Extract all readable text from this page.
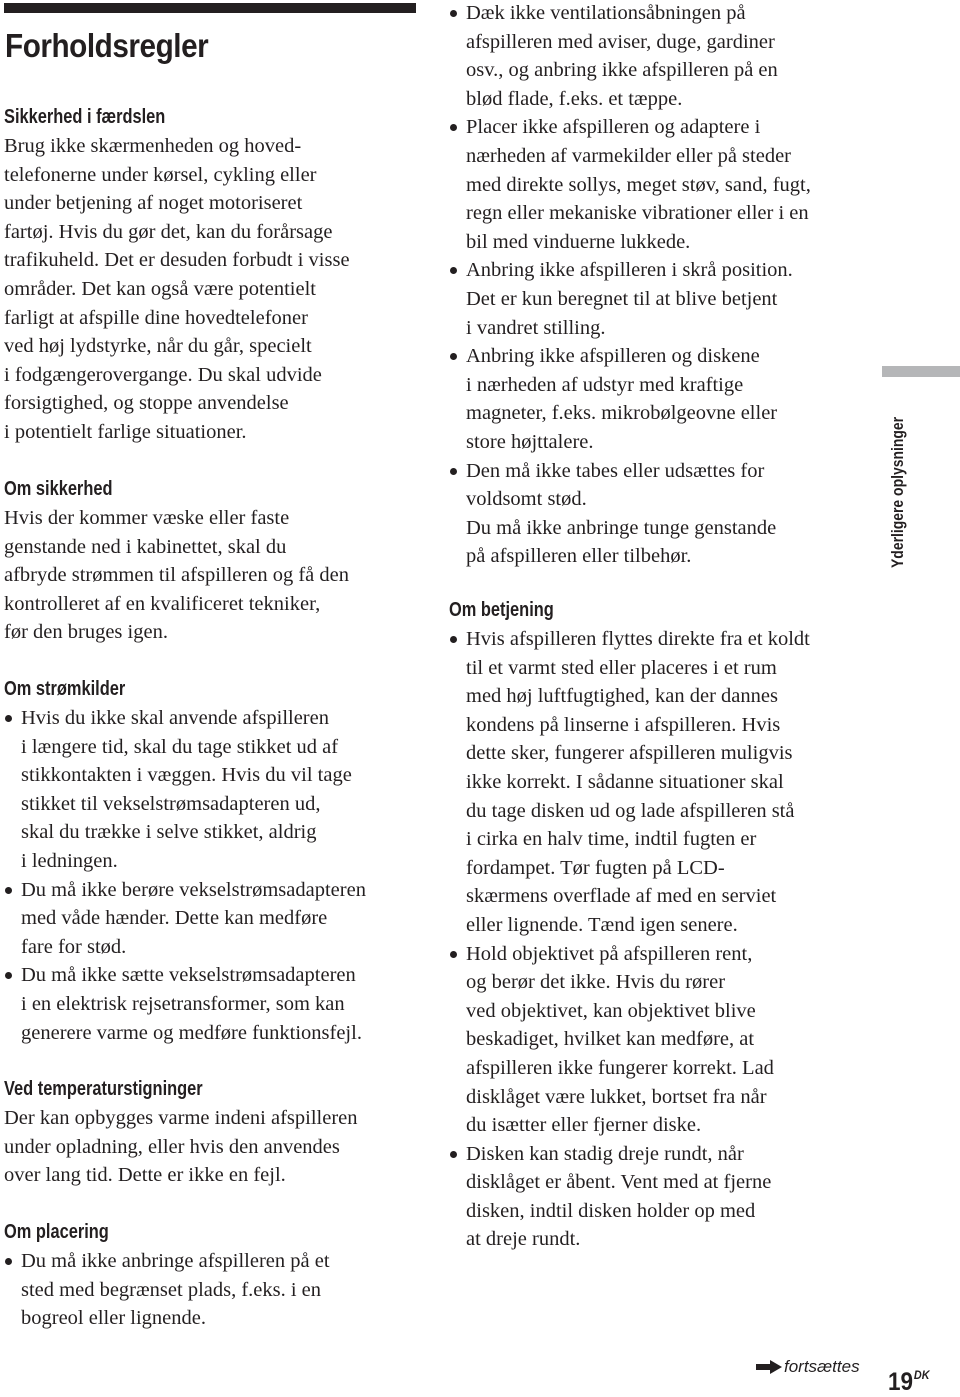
Forholdsregler
Sikkerhed i færdslen

Brug ikke skærmenheden og hoved-
telefonerne under kørsel, cykling eller
under betjening af noget motoriseret
fartøj. Hvis du gør det, kan du forårsage
trafikuheld. Det er desuden forbudt i visse
områder. Det kan også være potentielt
farligt at afspille dine hovedtelefoner
ved høj lydstyrke, når du går, specielt
i fodgængerovergange. Du skal udvide
forsigtighed, og stoppe anvendelse
i potentielt farlige situationer.

Om sikkerhed

Hvis der kommer væske eller faste
genstande ned i kabinettet, skal du
afbryde strømmen til afspilleren og få den
kontrolleret af en kvalificeret tekniker,
før den bruges igen.

Om strømkilder
Hvis du ikke skal anvende afspilleren
i længere tid, skal du tage stikket ud af
stikkontakten i væggen. Hvis du vil tage
stikket til vekselstrømsadapteren ud,
skal du trække i selve stikket, aldrig
i ledningen.
Du må ikke berøre vekselstrømsadapteren
med våde hænder. Dette kan medføre
fare for stød.
Du må ikke sætte vekselstrømsadapteren
i en elektrisk rejsetransformer, som kan
generere varme og medføre funktionsfejl.
Ved temperaturstigninger

Der kan opbygges varme indeni afspilleren
under opladning, eller hvis den anvendes
over lang tid. Dette er ikke en fejl.

Om placering
Du må ikke anbringe afspilleren på et
sted med begrænset plads, f.eks. i en
bogreol eller lignende.
Dæk ikke ventilationsåbningen på
afspilleren med aviser, duge, gardiner
osv., og anbring ikke afspilleren på en
blød flade, f.eks. et tæppe.
Placer ikke afspilleren og adaptere i
nærheden af varmekilder eller på steder
med direkte sollys, meget støv, sand, fugt,
regn eller mekaniske vibrationer eller i en
bil med vinduerne lukkede.
Anbring ikke afspilleren i skrå position.
Det er kun beregnet til at blive betjent
i vandret stilling.
Anbring ikke afspilleren og diskene
i nærheden af udstyr med kraftige
magneter, f.eks. mikrobølgeovne eller
store højttalere.
Den må ikke tabes eller udsættes for
voldsomt stød.
Du må ikke anbringe tunge genstande
på afspilleren eller tilbehør.
Om betjening
Hvis afspilleren flyttes direkte fra et koldt
til et varmt sted eller placeres i et rum
med høj luftfugtighed, kan der dannes
kondens på linserne i afspilleren. Hvis
dette sker, fungerer afspilleren muligvis
ikke korrekt. I sådanne situationer skal
du tage disken ud og lade afspilleren stå
i cirka en halv time, indtil fugten er
fordampet. Tør fugten på LCD-
skærmens overflade af med en serviet
eller lignende. Tænd igen senere.
Hold objektivet på afspilleren rent,
og berør det ikke. Hvis du rører
ved objektivet, kan objektivet blive
beskadiget, hvilket kan medføre, at
afspilleren ikke fungerer korrekt. Lad
disklåget være lukket, bortset fra når
du isætter eller fjerner diske.
Disken kan stadig dreje rundt, når
disklåget er åbent. Vent med at fjerne
disken, indtil disken holder op med
at dreje rundt.
Yderligere oplysninger
fortsættes
$19^{DK}$
